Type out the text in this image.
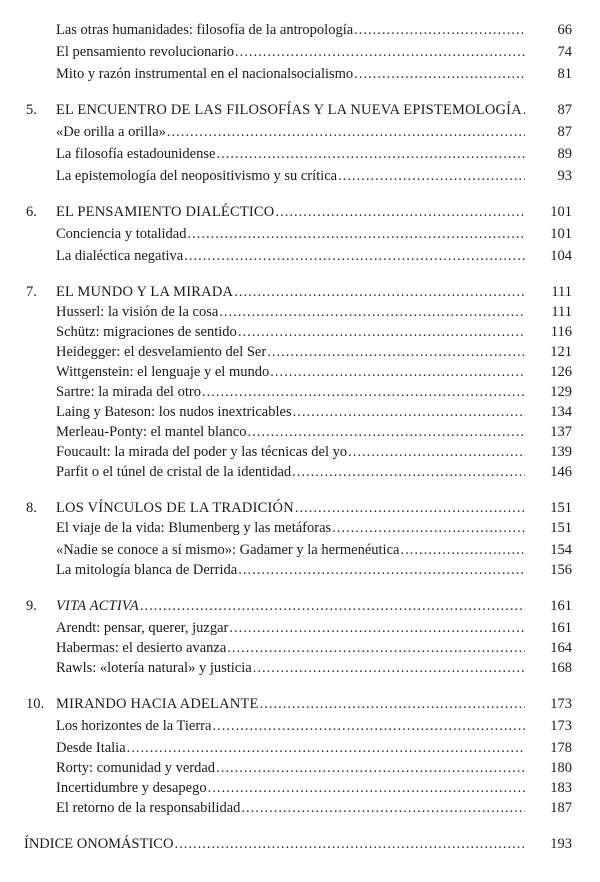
Las otras humanidades: filosofía de la antropología .....	66
El pensamiento revolucionario .....	74
Mito y razón instrumental en el nacionalsocialismo .....	81
5.	EL ENCUENTRO DE LAS FILOSOFÍAS Y LA NUEVA EPISTEMOLOGÍA .....	87
«De orilla a orilla» .....	87
La filosofía estadounidense .....	89
La epistemología del neopositivismo y su crítica .....	93
6.	EL PENSAMIENTO DIALÉCTICO .....	101
Conciencia y totalidad .....	101
La dialéctica negativa .....	104
7.	EL MUNDO Y LA MIRADA .....	111
Husserl: la visión de la cosa .....	111
Schütz: migraciones de sentido .....	116
Heidegger: el desvelamiento del Ser .....	121
Wittgenstein: el lenguaje y el mundo .....	126
Sartre: la mirada del otro .....	129
Laing y Bateson: los nudos inextricables .....	134
Merleau-Ponty: el mantel blanco .....	137
Foucault: la mirada del poder y las técnicas del yo .....	139
Parfit o el túnel de cristal de la identidad .....	146
8.	LOS VÍNCULOS DE LA TRADICIÓN .....	151
El viaje de la vida: Blumenberg y las metáforas .....	151
«Nadie se conoce a sí mismo»: Gadamer y la hermenéutica .....	154
La mitología blanca de Derrida .....	156
9.	VITA ACTIVA .....	161
Arendt: pensar, querer, juzgar .....	161
Habermas: el desierto avanza .....	164
Rawls: «lotería natural» y justicia .....	168
10. MIRANDO HACIA ADELANTE .....	173
Los horizontes de la Tierra .....	173
Desde Italia .....	178
Rorty: comunidad y verdad .....	180
Incertidumbre y desapego .....	183
El retorno de la responsabilidad .....	187
ÍNDICE ONOMÁSTICO .....	193
